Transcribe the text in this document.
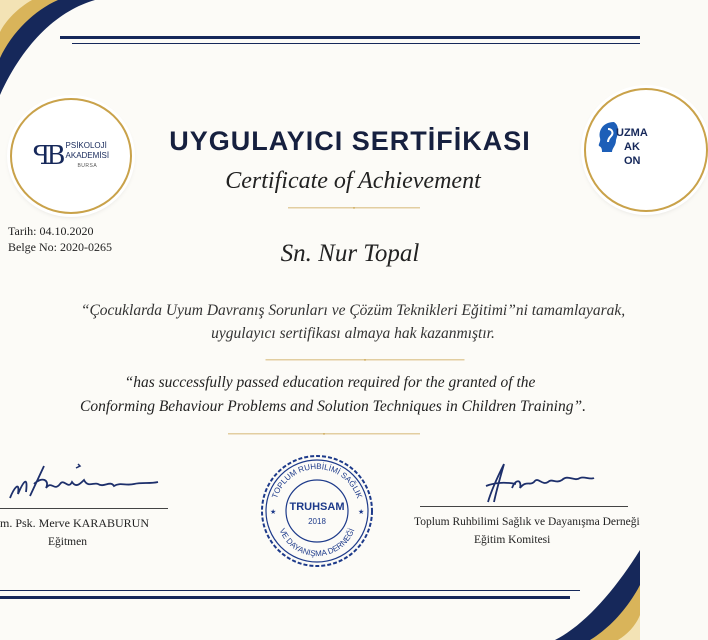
ꟼB PSİKOLOJİ
AKADEMİSİ
BURSA
UZMA
AK
ON
UYGULAYICI SERTİFİKASI
Certificate of Achievement
Tarih: 04.10.2020
Belge No: 2020-0265	Sn. Nur Topal
“Çocuklarda Uyum Davranış Sorunları ve Çözüm Teknikleri Eğitimi”ni tamamlayarak,
uygulayıcı sertifikası almaya hak kazanmıştır.
“has successfully passed education required for the granted of the
Conforming Behaviour Problems and Solution Techniques in Children Training”.
m. Psk. Merve KARABURUN
Eğitmen
TOPLUM RUHBİLİMİ SAĞLIK
VE DAYANIŞMA DERNEĞİ
TRUHSAM
2018
★	★
Toplum Ruhbilimi Sağlık ve Dayanışma Derneği
Eğitim Komitesi
